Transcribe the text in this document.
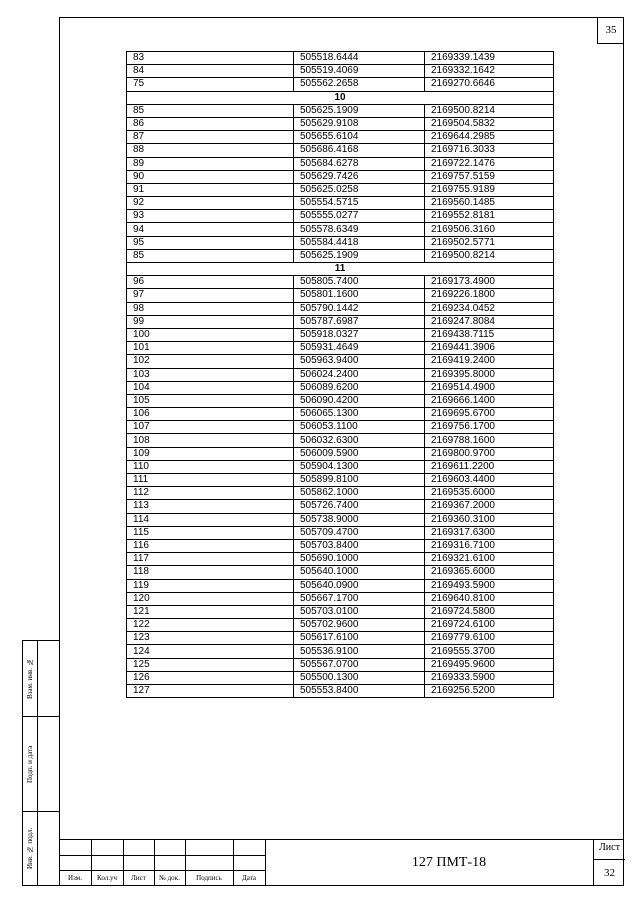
35
83	505518.6444	2169339.1439
84	505519.4069	2169332.1642
75	505562.2658	2169270.6646
10		
85	505625.1909	2169500.8214
86	505629.9108	2169504.5832
87	505655.6104	2169644.2985
88	505686.4168	2169716.3033
89	505684.6278	2169722.1476
90	505629.7426	2169757.5159
91	505625.0258	2169755.9189
92	505554.5715	2169560.1485
93	505555.0277	2169552.8181
94	505578.6349	2169506.3160
95	505584.4418	2169502.5771
85	505625.1909	2169500.8214
11		
96	505805.7400	2169173.4900
97	505801.1600	2169226.1800
98	505790.1442	2169234.0452
99	505787.6987	2169247.8084
100	505918.0327	2169438.7115
101	505931.4649	2169441.3906
102	505963.9400	2169419.2400
103	506024.2400	2169395.8000
104	506089.6200	2169514.4900
105	506090.4200	2169666.1400
106	506065.1300	2169695.6700
107	506053.1100	2169756.1700
108	506032.6300	2169788.1600
109	506009.5900	2169800.9700
110	505904.1300	2169611.2200
111	505899.8100	2169603.4400
112	505862.1000	2169535.6000
113	505726.7400	2169367.2000
114	505738.9000	2169360.3100
115	505709.4700	2169317.6300
116	505703.8400	2169316.7100
117	505690.1000	2169321.6100
118	505640.1000	2169365.6000
119	505640.0900	2169493.5900
120	505667.1700	2169640.8100
121	505703.0100	2169724.5800
122	505702.9600	2169724.6100
123	505617.6100	2169779.6100
124	505536.9100	2169555.3700
125	505567.0700	2169495.9600
126	505500.1300	2169333.5900
127	505553.8400	2169256.5200
Взам. инв. №
Подп. и дата
Инв. № подл.
Изм.	Кол.уч	Лист	№ док.	Подпись	Дата
127 ПМТ-18
Лист
32
